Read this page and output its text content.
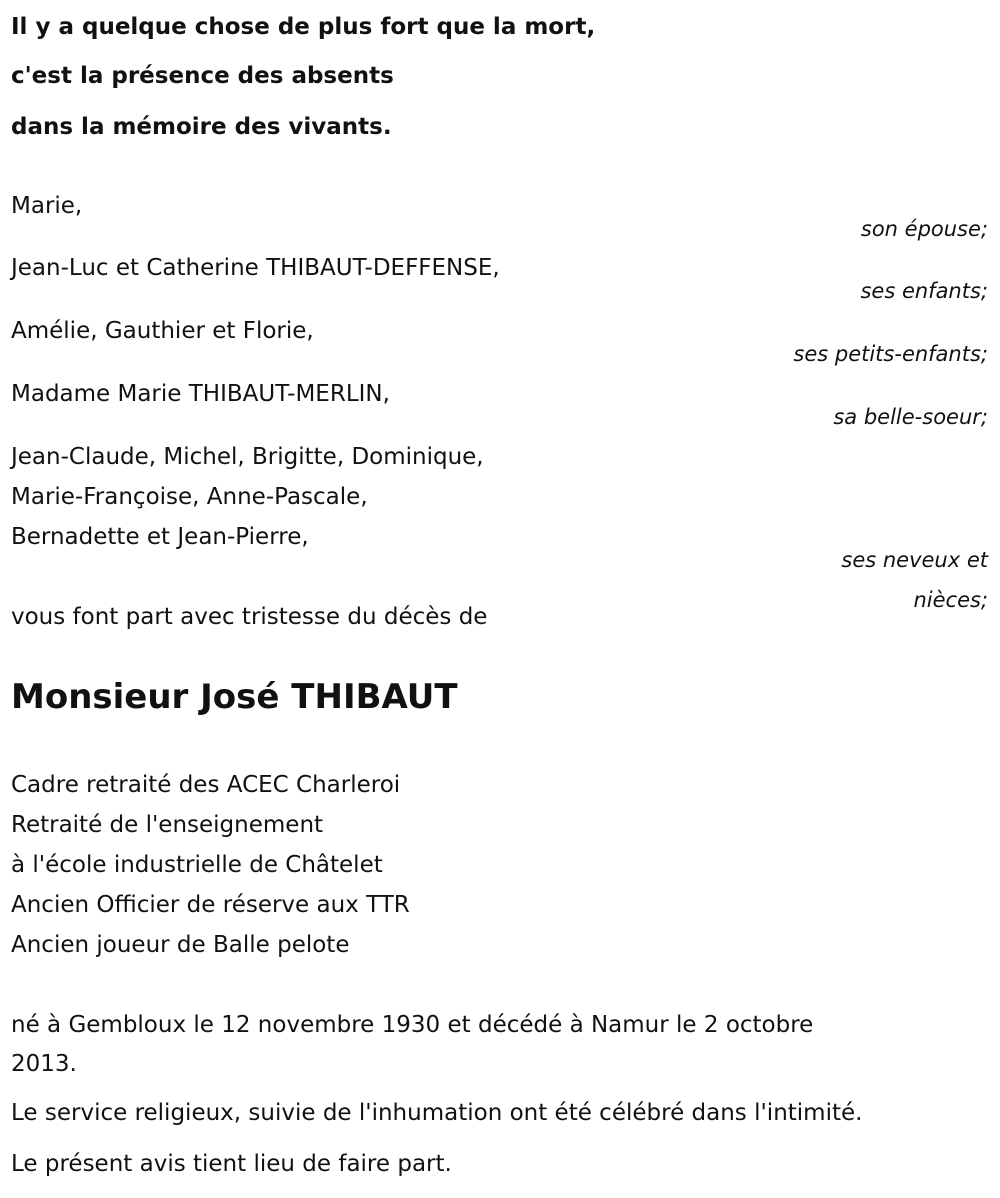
Il y a quelque chose de plus fort que la mort,
c'est la présence des absents
dans la mémoire des vivants.
Marie,
son épouse;
Jean-Luc et Catherine THIBAUT-DEFFENSE,
ses enfants;
Amélie, Gauthier et Florie,
ses petits-enfants;
Madame Marie THIBAUT-MERLIN,
sa belle-soeur;
Jean-Claude, Michel, Brigitte, Dominique,
Marie-Françoise, Anne-Pascale,
Bernadette et Jean-Pierre,
ses neveux et
nièces;
vous font part avec tristesse du décès de
Monsieur José THIBAUT
Cadre retraité des ACEC Charleroi
Retraité de l'enseignement
à l'école industrielle de Châtelet
Ancien Officier de réserve aux TTR
Ancien joueur de Balle pelote
né à Gembloux le 12 novembre 1930 et décédé à Namur le 2 octobre
2013.
Le service religieux, suivie de l'inhumation ont été célébré dans l'intimité.
Le présent avis tient lieu de faire part.
